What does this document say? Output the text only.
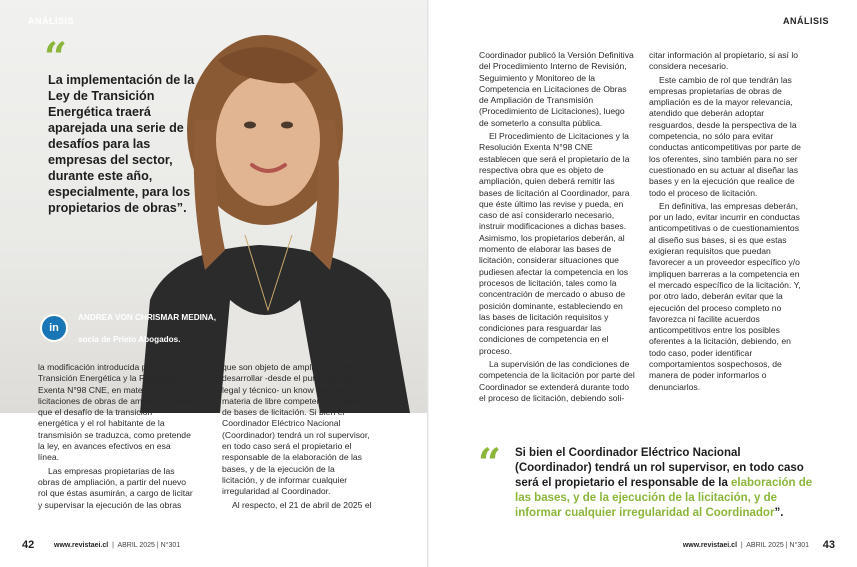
ANÁLISIS
“
La implementación de la Ley de Transición Energética traerá aparejada una serie de desafíos para las empresas del sector, durante este año, especialmente, para los propietarios de obras”.
in
ANDREA VON CHRISMAR MEDINA,
socia de Prieto Abogados.

la modificación introducida por la Ley de Transición Energética y la Resolución Exenta N°98 CNE, en materia de licitaciones de obras de ampliación, para que el desafío de la transición energética y el rol habitante de la transmisión se traduzca, como pretende la ley, en avances efectivos en esa línea.

Las empresas propietarias de las obras de ampliación, a partir del nuevo rol que éstas asumirán, a cargo de licitar y supervisar la ejecución de las obras

que son objeto de ampliación, deberán desarrollar -desde el punto de vista legal y técnico- un know how en materia de libre competencia y diseño de bases de licitación. Si bien el Coordinador Eléctrico Nacional (Coordinador) tendrá un rol supervisor, en todo caso será el propietario el responsable de la elaboración de las bases, y de la ejecución de la licitación, y de informar cualquier irregularidad al Coordinador.

Al respecto, el 21 de abril de 2025 el

42	www.revistaei.cl  |  ABRIL 2025 | N°301
ANÁLISIS

Coordinador publicó la Versión Definitiva del Procedimiento Interno de Revisión, Seguimiento y Monitoreo de la Competencia en Licitaciones de Obras de Ampliación de Transmisión (Procedimiento de Licitaciones), luego de someterlo a consulta pública.

El Procedimiento de Licitaciones y la Resolución Exenta N°98 CNE establecen que será el propietario de la respectiva obra que es objeto de ampliación, quien deberá remitir las bases de licitación al Coordinador, para que éste último las revise y pueda, en caso de así considerarlo necesario, instruir modificaciones a dichas bases. Asimismo, los propietarios deberán, al momento de elaborar las bases de licitación, considerar situaciones que pudiesen afectar la competencia en los procesos de licitación, tales como la concentración de mercado o abuso de posición dominante, estableciendo en las bases de licitación requisitos y condiciones para resguardar las condiciones de competencia en el proceso.

La supervisión de las condiciones de competencia de la licitación por parte del Coordinador se extenderá durante todo el proceso de licitación, debiendo soli-

citar información al propietario, si así lo considera necesario.

Este cambio de rol que tendrán las empresas propietarias de obras de ampliación es de la mayor relevancia, atendido que deberán adoptar resguardos, desde la perspectiva de la competencia, no sólo para evitar conductas anticompetitivas por parte de los oferentes, sino también para no ser cuestionado en su actuar al diseñar las bases y en la ejecución que realice de todo el proceso de licitación.

En definitiva, las empresas deberán, por un lado, evitar incurrir en conductas anticompetitivas o de cuestionamientos al diseño sus bases, si es que estas exigieran requisitos que puedan favorecer a un proveedor específico y/o impliquen barreras a la competencia en el mercado específico de la licitación. Y, por otro lado, deberán evitar que la ejecución del proceso completo no favorezca ni facilite acuerdos anticompetitivos entre los posibles oferentes a la licitación, debiendo, en todo caso, poder identificar comportamientos sospechosos, de manera de poder informarlos o denunciarlos.

“ Si bien el Coordinador Eléctrico Nacional (Coordinador) tendrá un rol supervisor, en todo caso será el propietario el responsable de la elaboración de las bases, y de la ejecución de la licitación, y de informar cualquier irregularidad al Coordinador”.
www.revistaei.cl  |  ABRIL 2025 | N°301 43
